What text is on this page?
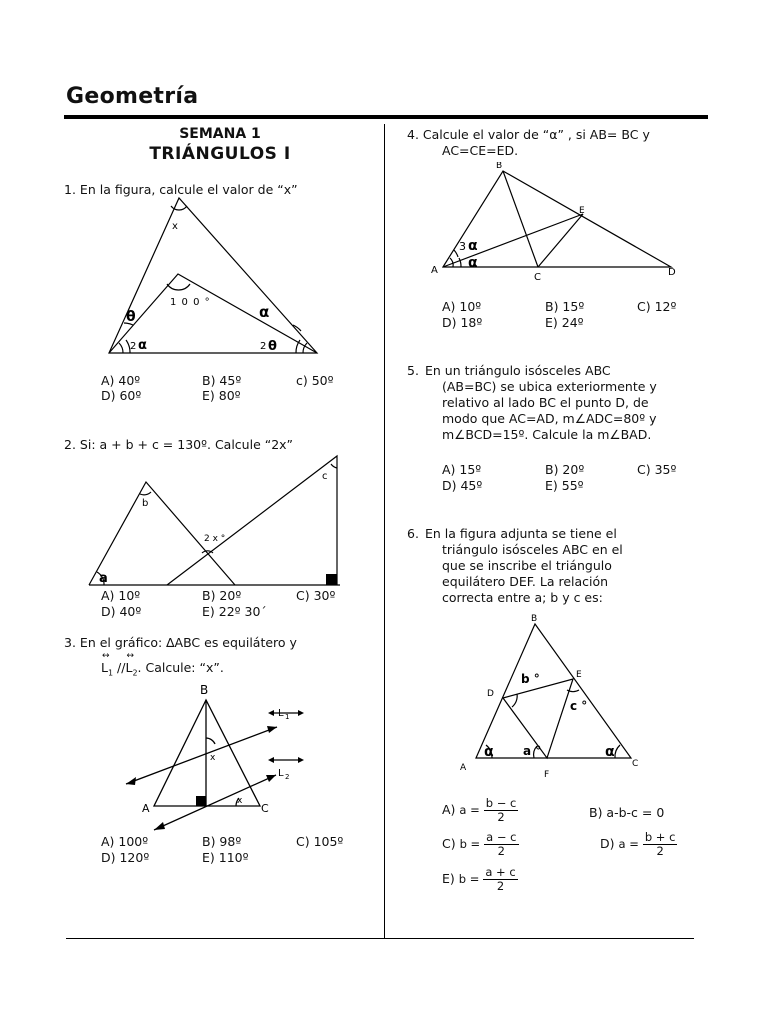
Geometría
SEMANA 1
TRIÁNGULOS I
1. En la figura, calcule el valor de “x”
x
1 0 0 °
θ	α
2 α	2 θ
A) 40º	B) 45º	c) 50º
D) 60º	E) 80º
2. Si: a + b + c = 130º. Calcule “2x”
a
b
c
2 x °
A) 10º	B) 20º	C) 30º
D) 40º	E) 22º 30´
3. En el gráfico: ∆ABC es equilátero y
↔
$L_1$ //
↔
$L_2$. Calcule: “x”.
B
A	C
x
x
L 1
L 2
A) 100º	B) 98º	C) 105º
D) 120º	E) 110º
4. Calcule el valor de “α” , si AB= BC y
AC=CE=ED.
B
A
C	D
E
3 α
α
A) 10º	B) 15º	C) 12º
D) 18º	E) 24º
5. En un triángulo isósceles ABC
(AB=BC) se ubica exteriormente y
relativo al lado BC el punto D, de
modo que AC=AD, m∠ADC=80º y
m∠BCD=15º. Calcule la m∠BAD.
A) 15º	B) 20º	C) 35º
D) 45º	E) 55º
6. En la figura adjunta se tiene el
triángulo isósceles ABC en el
que se inscribe el triángulo
equilátero DEF. La relación
correcta entre a; b y c es:
B
A	C
D
E
F
b °
c °
a °
α	α
A) $a = \frac{b - c}{2}$	B) a-b-c = 0
C) $b = \frac{a - c}{2}$	D) $a = \frac{b + c}{2}$
E) $b = \frac{a + c}{2}$
